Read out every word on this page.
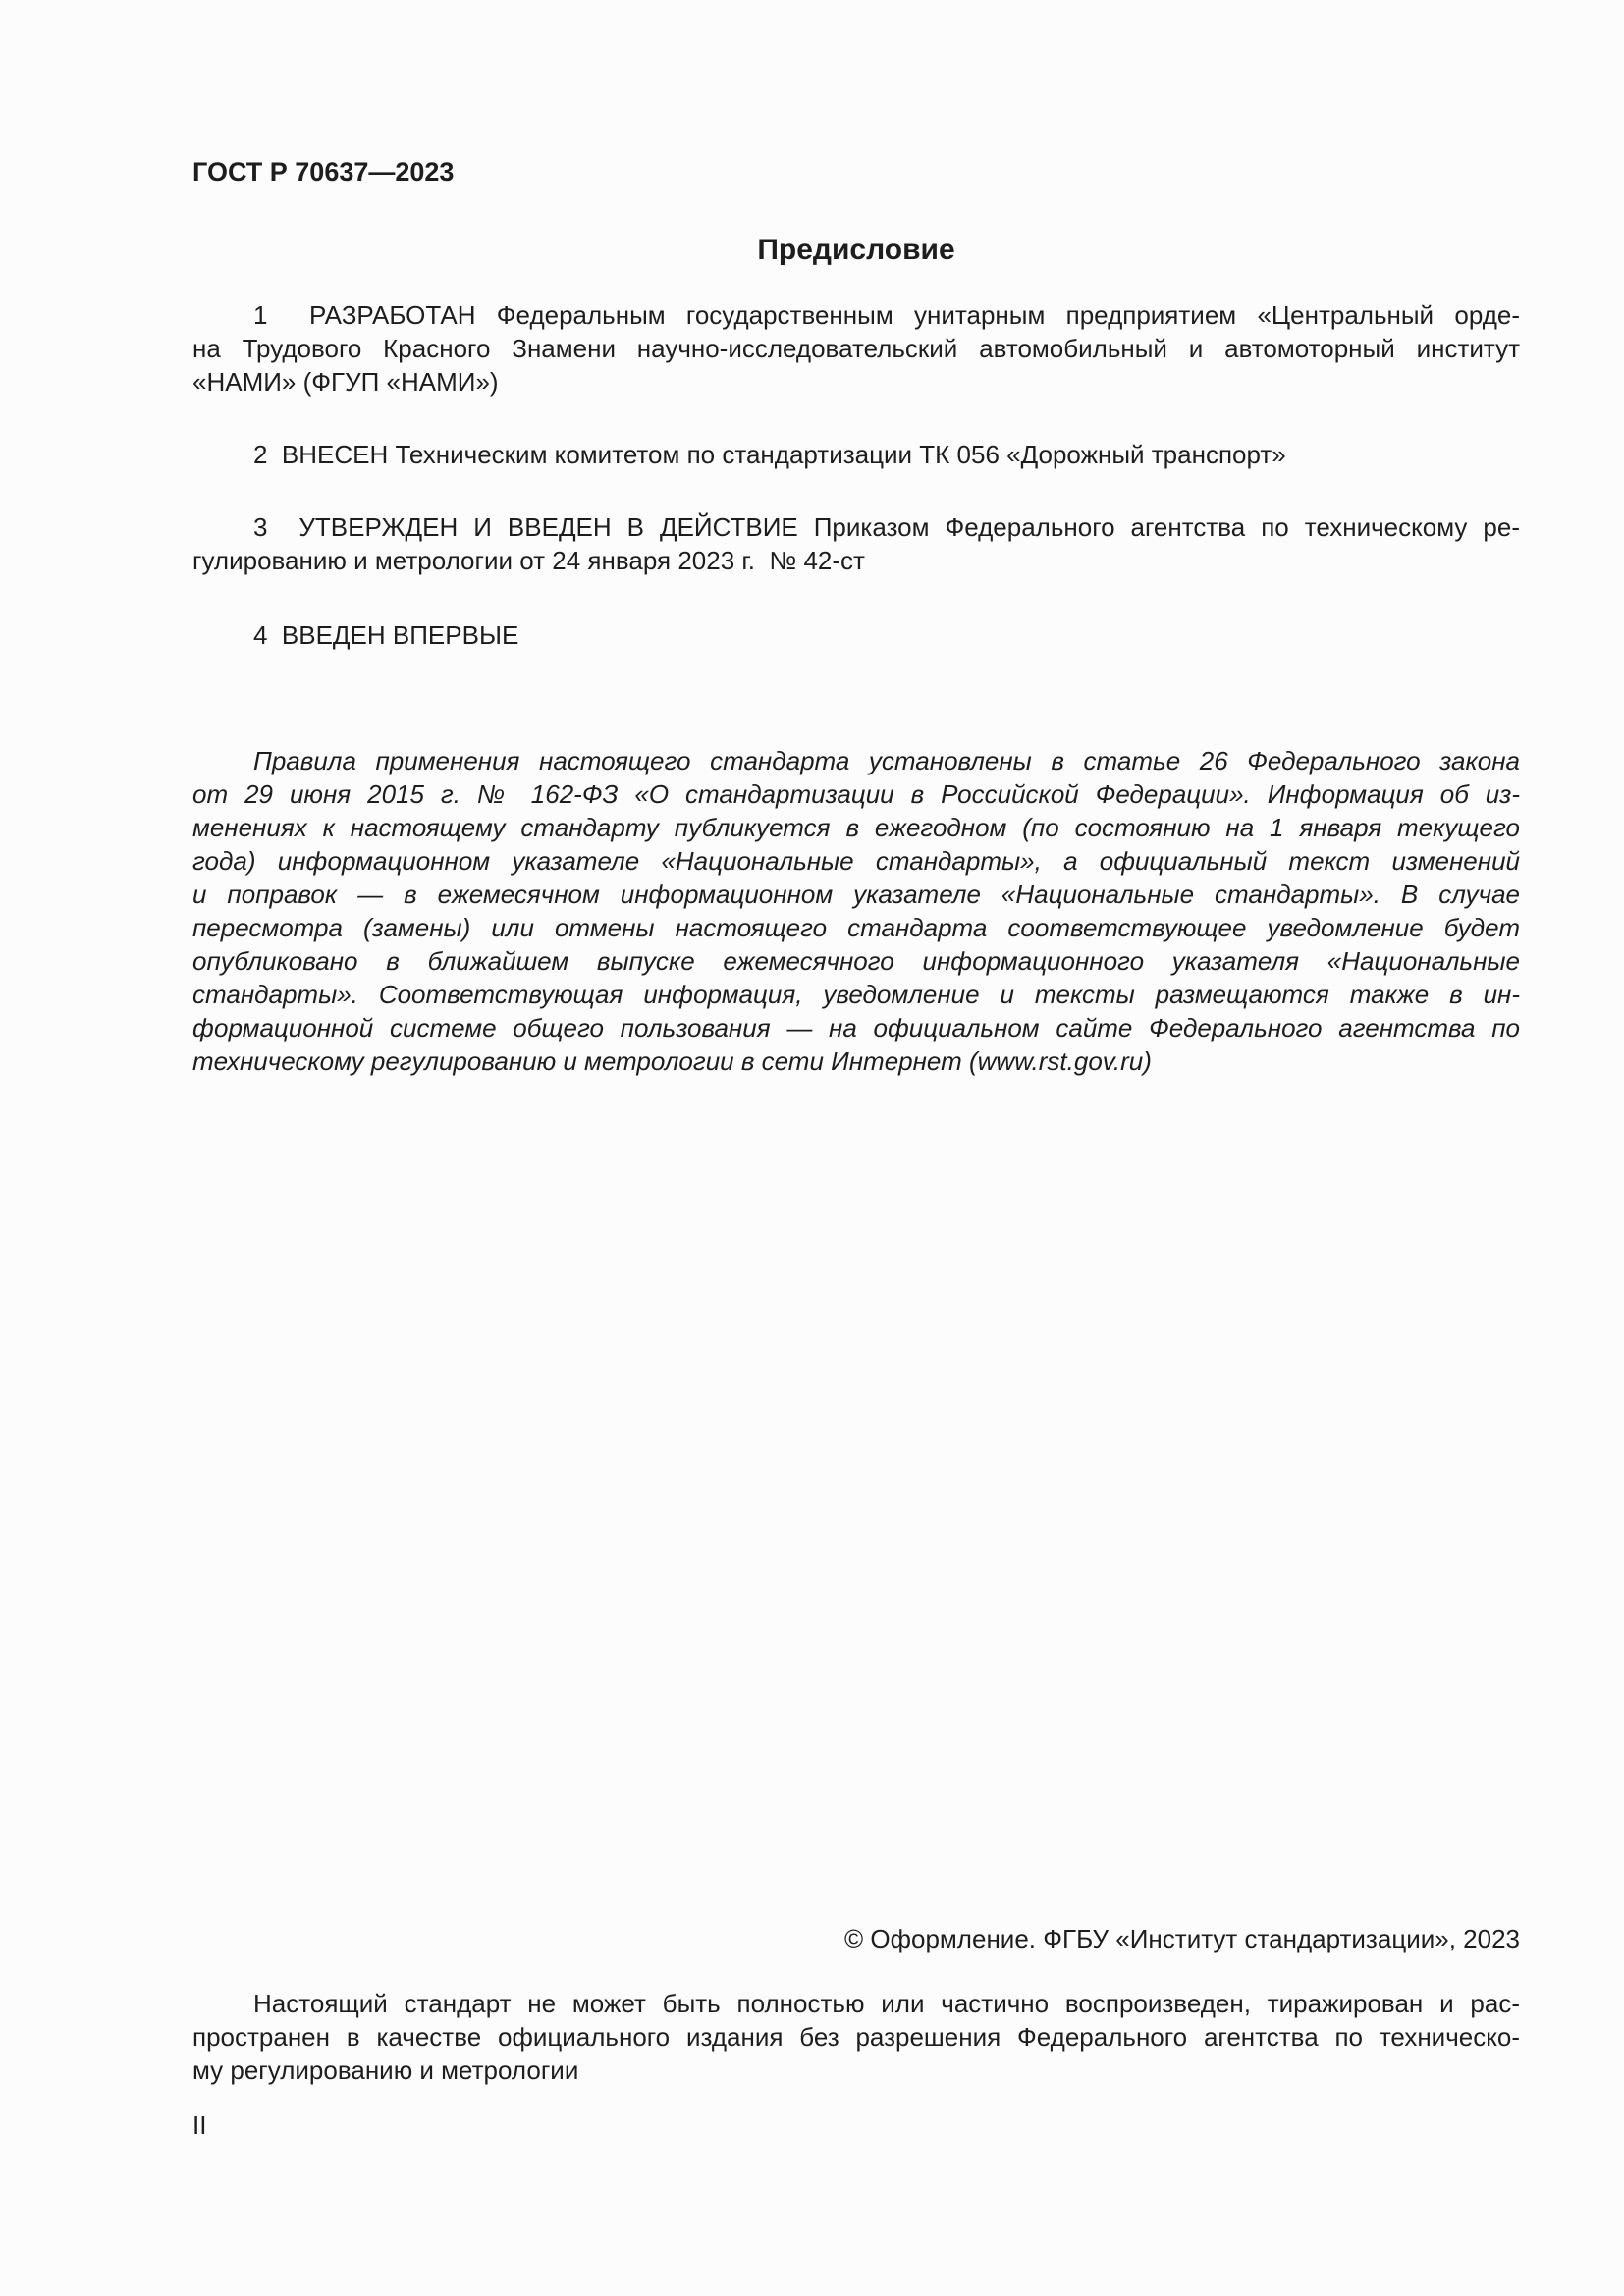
ГОСТ Р 70637—2023
Предисловие
1  РАЗРАБОТАН Федеральным государственным унитарным предприятием «Центральный орде-
на Трудового Красного Знамени научно-исследовательский автомобильный и автомоторный институт
«НАМИ» (ФГУП «НАМИ»)
2  ВНЕСЕН Техническим комитетом по стандартизации ТК 056 «Дорожный транспорт»
3  УТВЕРЖДЕН И ВВЕДЕН В ДЕЙСТВИЕ Приказом Федерального агентства по техническому ре-
гулированию и метрологии от 24 января 2023 г.  № 42-ст
4  ВВЕДЕН ВПЕРВЫЕ
Правила применения настоящего стандарта установлены в статье 26 Федерального закона
от 29 июня 2015 г. № 162-ФЗ «О стандартизации в Российской Федерации». Информация об из-
менениях к настоящему стандарту публикуется в ежегодном (по состоянию на 1 января текущего
года) информационном указателе «Национальные стандарты», а официальный текст изменений
и поправок — в ежемесячном информационном указателе «Национальные стандарты». В случае
пересмотра (замены) или отмены настоящего стандарта соответствующее уведомление будет
опубликовано в ближайшем выпуске ежемесячного информационного указателя «Национальные
стандарты». Соответствующая информация, уведомление и тексты размещаются также в ин-
формационной системе общего пользования — на официальном сайте Федерального агентства по
техническому регулированию и метрологии в сети Интернет (www.rst.gov.ru)
© Оформление. ФГБУ «Институт стандартизации», 2023
Настоящий стандарт не может быть полностью или частично воспроизведен, тиражирован и рас-
пространен в качестве официального издания без разрешения Федерального агентства по техническо-
му регулированию и метрологии
II
